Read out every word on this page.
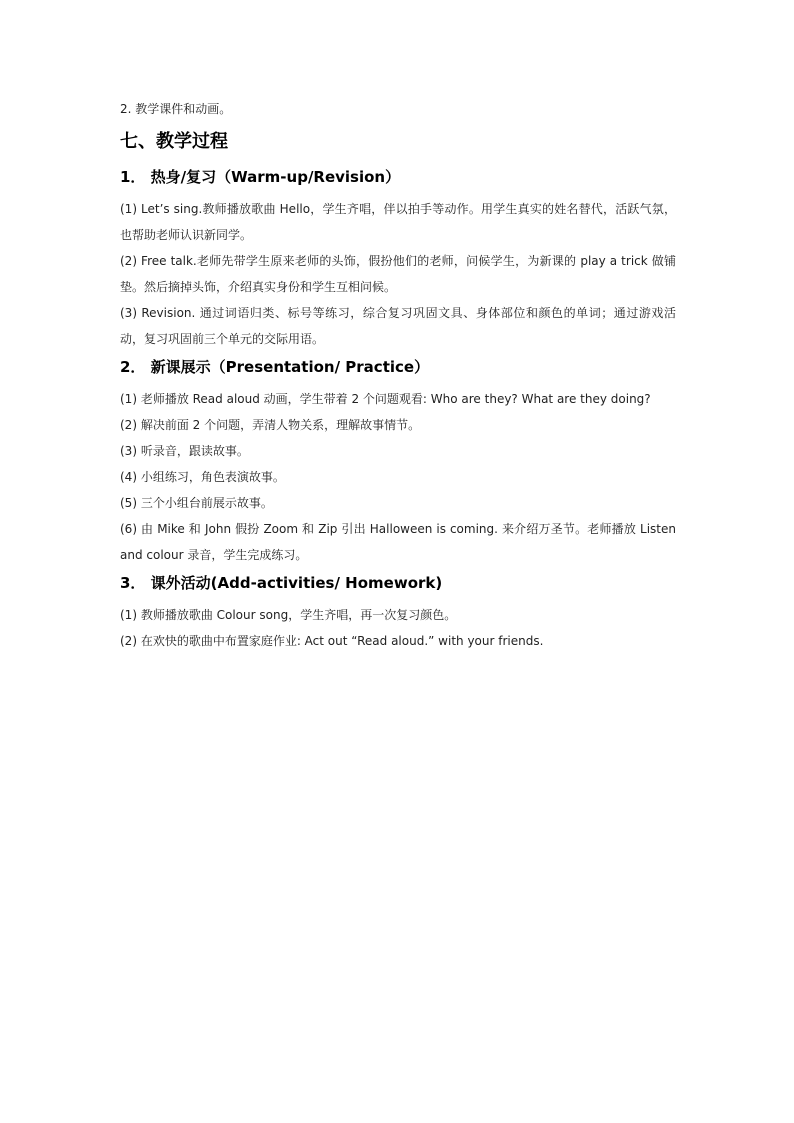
2. 教学课件和动画。

七、教学过程
1． 热身/复习（Warm-up/Revision）

(1) Let’s sing.教师播放歌曲 Hello，学生齐唱，伴以拍手等动作。用学生真实的姓名替代，活跃气氛，也帮助老师认识新同学。

(2) Free talk.老师先带学生原来老师的头饰，假扮他们的老师，问候学生，为新课的 play a trick 做铺垫。然后摘掉头饰，介绍真实身份和学生互相问候。

(3) Revision. 通过词语归类、标号等练习，综合复习巩固文具、身体部位和颜色的单词；通过游戏活动，复习巩固前三个单元的交际用语。

2． 新课展示（Presentation/ Practice）

(1) 老师播放 Read aloud 动画，学生带着 2 个问题观看: Who are they? What are they doing?

(2) 解决前面 2 个问题，弄清人物关系，理解故事情节。

(3) 听录音，跟读故事。

(4) 小组练习，角色表演故事。

(5) 三个小组台前展示故事。

(6) 由 Mike 和 John 假扮 Zoom 和 Zip 引出 Halloween is coming. 来介绍万圣节。老师播放 Listen and colour 录音，学生完成练习。

3． 课外活动(Add-activities/ Homework)

(1) 教师播放歌曲 Colour song，学生齐唱，再一次复习颜色。

(2) 在欢快的歌曲中布置家庭作业: Act out “Read aloud.” with your friends.
